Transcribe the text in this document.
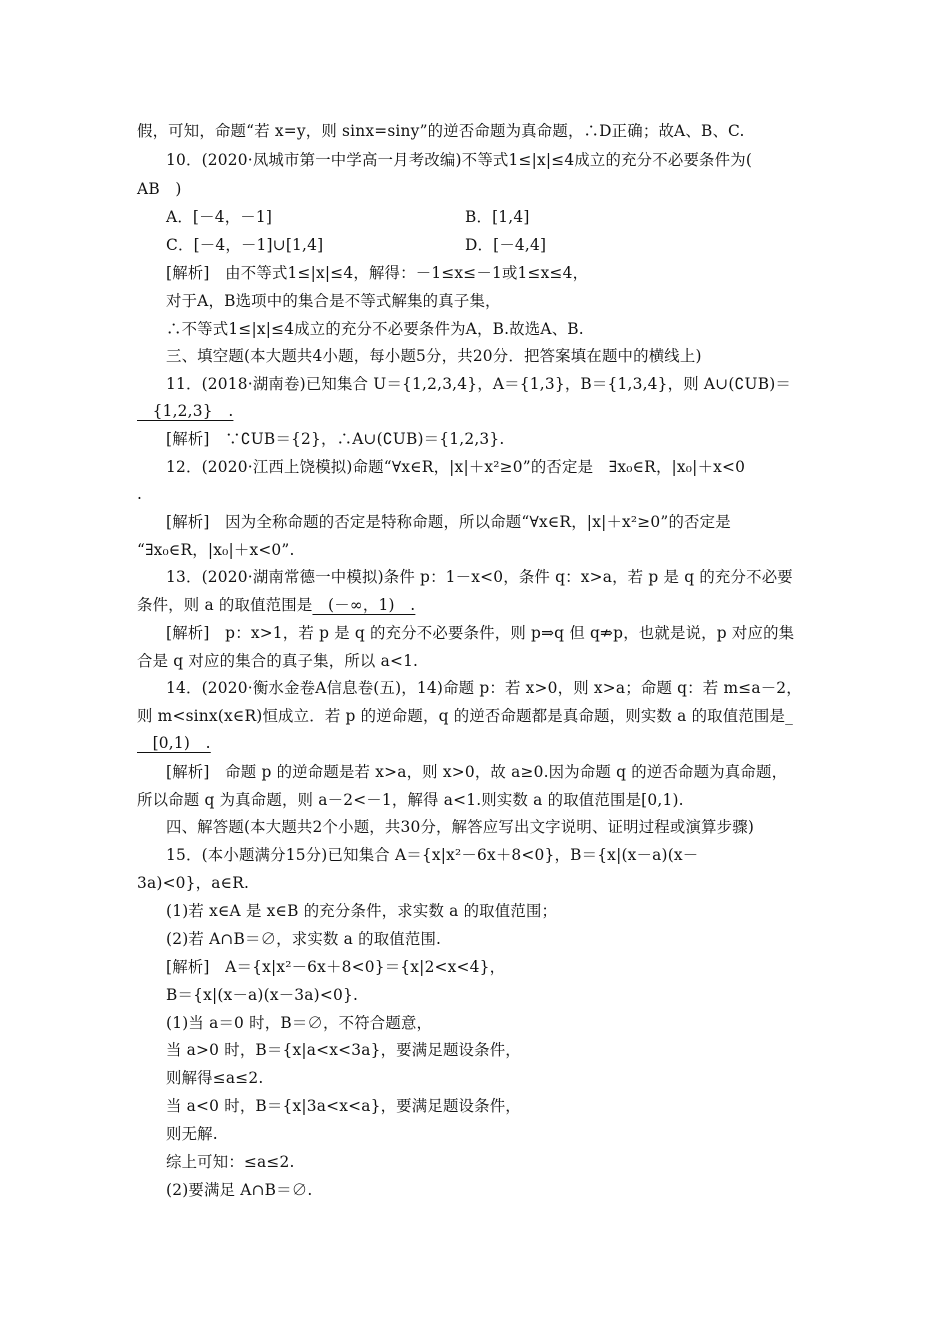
假，可知，命题“若 x=y，则 sinx=siny”的逆否命题为真命题，∴D正确；故A、B、C.
10．(2020·凤城市第一中学高一月考改编)不等式1≤|x|≤4成立的充分不必要条件为(
AB　)
A．[－4，－1]	B．[1,4]
C．[－4，－1]∪[1,4]	D．[－4,4]
[解析]　由不等式1≤|x|≤4，解得：－1≤x≤－1或1≤x≤4，
对于A，B选项中的集合是不等式解集的真子集，
∴不等式1≤|x|≤4成立的充分不必要条件为A，B.故选A、B.
三、填空题(本大题共4小题，每小题5分，共20分．把答案填在题中的横线上)
11．(2018·湖南卷)已知集合 U＝{1,2,3,4}，A＝{1,3}，B＝{1,3,4}，则 A∪(∁UB)＝
　{1,2,3}　.
[解析]　∵∁UB＝{2}，∴A∪(∁UB)＝{1,2,3}.
12．(2020·江西上饶模拟)命题“∀x∈R，|x|＋x²≥0”的否定是　∃x₀∈R，|x₀|＋x<0
.
[解析]　因为全称命题的否定是特称命题，所以命题“∀x∈R，|x|＋x²≥0”的否定是
“∃x₀∈R，|x₀|＋x<0”.
13．(2020·湖南常德一中模拟)条件 p：1－x<0，条件 q：x>a，若 p 是 q 的充分不必要
条件，则 a 的取值范围是　(－∞，1)　.
[解析]　p：x>1，若 p 是 q 的充分不必要条件，则 p⇒q 但 q⇏p，也就是说，p 对应的集
合是 q 对应的集合的真子集，所以 a<1.
14．(2020·衡水金卷A信息卷(五)，14)命题 p：若 x>0，则 x>a；命题 q：若 m≤a－2，
则 m<sinx(x∈R)恒成立．若 p 的逆命题，q 的逆否命题都是真命题，则实数 a 的取值范围是_
　[0,1)　.
[解析]　命题 p 的逆命题是若 x>a，则 x>0，故 a≥0.因为命题 q 的逆否命题为真命题，
所以命题 q 为真命题，则 a－2<－1，解得 a<1.则实数 a 的取值范围是[0,1).
四、解答题(本大题共2个小题，共30分，解答应写出文字说明、证明过程或演算步骤)
15．(本小题满分15分)已知集合 A＝{x|x²－6x＋8<0}，B＝{x|(x－a)(x－
3a)<0}，a∈R.
(1)若 x∈A 是 x∈B 的充分条件，求实数 a 的取值范围；
(2)若 A∩B＝∅，求实数 a 的取值范围.
[解析]　A＝{x|x²－6x＋8<0}＝{x|2<x<4}，
B＝{x|(x－a)(x－3a)<0}.
(1)当 a＝0 时，B＝∅，不符合题意，
当 a>0 时，B＝{x|a<x<3a}，要满足题设条件，
则解得≤a≤2.
当 a<0 时，B＝{x|3a<x<a}，要满足题设条件，
则无解.
综上可知：≤a≤2.
(2)要满足 A∩B＝∅.
